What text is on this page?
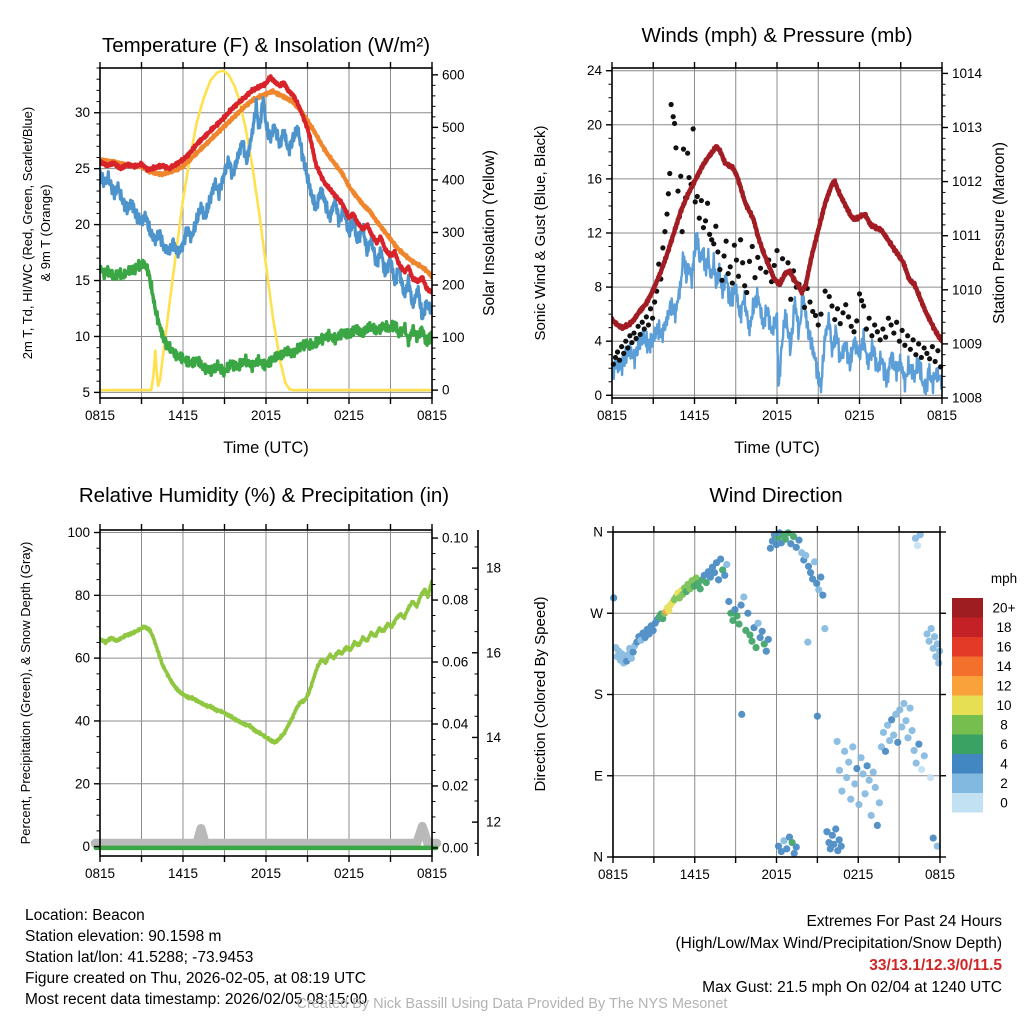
0815	1415	2015	0215	0815
5
10
15
20
25
30
0
100
200
300
400
500
600
Temperature (F) & Insolation (W/m²)
2m T, Td, HI/WC (Red, Green, Scarlet/Blue) & 9m T (Orange)	Solar Insolation (Yellow)
Time (UTC)
0815	1415	2015	0215	0815
0
4
8
12
16
20
24
1008
1009
1010
1011
1012
1013
1014
Winds (mph) & Pressure (mb)
Sonic Wind & Gust (Blue, Black)	Station Pressure (Maroon)
Time (UTC)
0815	1415	2015	0215	0815
0
20
40
60
80
100
0.00
0.02
0.04
0.06
0.08
0.10
12
14
16
18
Relative Humidity (%) & Precipitation (in)
Percent, Precipitation (Green), & Snow Depth (Gray)
0815	1415	2015	0215	0815
N
E
S
W
N
mph
20+
18
16
14
12
10
8
6
4
2
0
Wind Direction
Direction (Colored By Speed)
Location: Beacon
Station elevation: 90.1598 m
Station lat/lon: 41.5288; -73.9453
Figure created on Thu, 2026-02-05, at 08:19 UTC
Most recent data timestamp: 2026/02/05 08:15:00
Extremes For Past 24 Hours
(High/Low/Max Wind/Precipitation/Snow Depth)
33/13.1/12.3/0/11.5
Max Gust: 21.5 mph On 02/04 at 1240 UTC
Created By Nick Bassill Using Data Provided By The NYS Mesonet
